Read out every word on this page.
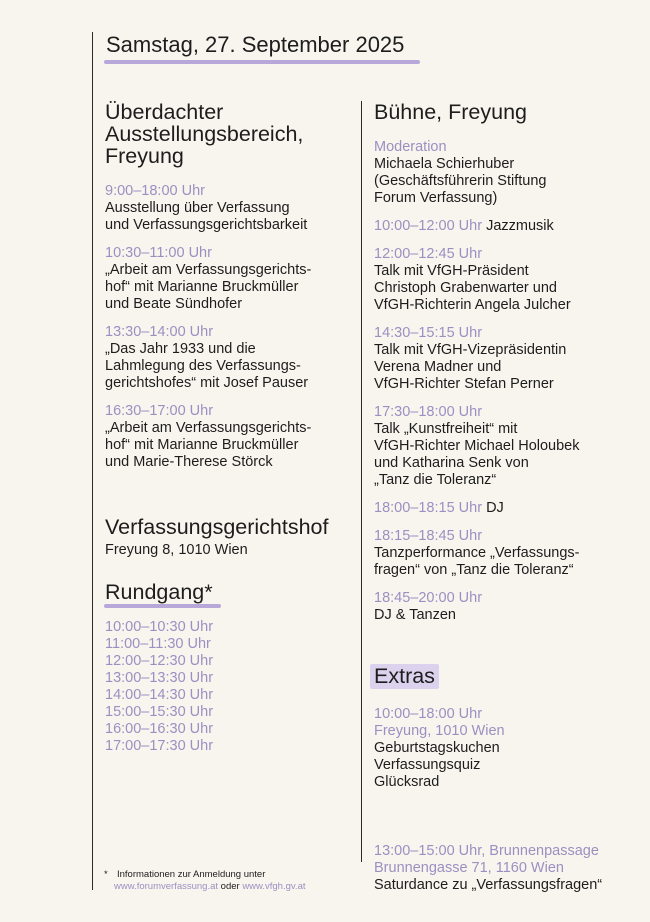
Samstag, 27. September 2025
Überdachter
Ausstellungsbereich,
Freyung
9:00–18:00 Uhr
Ausstellung über Verfassung
und Verfassungsgerichtsbarkeit
10:30–11:00 Uhr
„Arbeit am Verfassungsgerichts-
hof“ mit Marianne Bruckmüller
und Beate Sündhofer
13:30–14:00 Uhr
„Das Jahr 1933 und die
Lahmlegung des Verfassungs-
gerichtshofes“ mit Josef Pauser
16:30–17:00 Uhr
„Arbeit am Verfassungsgerichts-
hof“ mit Marianne Bruckmüller
und Marie-Therese Störck
Verfassungsgerichtshof
Freyung 8, 1010 Wien
Rundgang*
10:00–10:30 Uhr
11:00–11:30 Uhr
12:00–12:30 Uhr
13:00–13:30 Uhr
14:00–14:30 Uhr
15:00–15:30 Uhr
16:00–16:30 Uhr
17:00–17:30 Uhr
* Informationen zur Anmeldung unter
www.forumverfassung.at oder www.vfgh.gv.at
Bühne, Freyung
Moderation
Michaela Schierhuber
(Geschäftsführerin Stiftung
Forum Verfassung)
10:00–12:00 Uhr Jazzmusik
12:00–12:45 Uhr
Talk mit VfGH-Präsident
Christoph Grabenwarter und
VfGH-Richterin Angela Julcher
14:30–15:15 Uhr
Talk mit VfGH-Vizepräsidentin
Verena Madner und
VfGH-Richter Stefan Perner
17:30–18:00 Uhr
Talk „Kunstfreiheit“ mit
VfGH-Richter Michael Holoubek
und Katharina Senk von
„Tanz die Toleranz“
18:00–18:15 Uhr DJ
18:15–18:45 Uhr
Tanzperformance „Verfassungs-
fragen“ von „Tanz die Toleranz“
18:45–20:00 Uhr
DJ & Tanzen
Extras
10:00–18:00 Uhr
Freyung, 1010 Wien
Geburtstagskuchen
Verfassungsquiz
Glücksrad
13:00–15:00 Uhr, Brunnenpassage
Brunnengasse 71, 1160 Wien
Saturdance zu „Verfassungsfragen“
